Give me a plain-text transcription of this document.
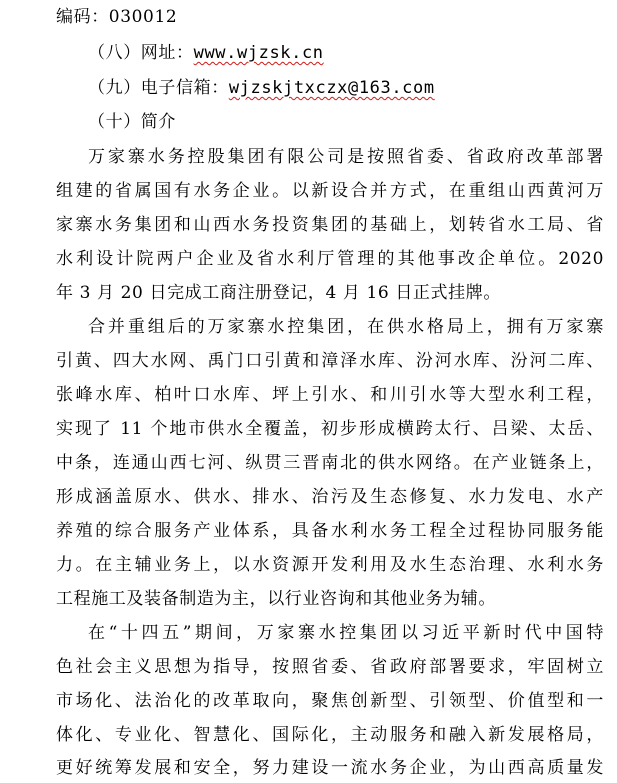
编码：030012
（八）网址：www.wjzsk.cn
（九）电子信箱：wjzskjtxczx@163.com
（十）简介
万家寨水务控股集团有限公司是按照省委、省政府改革部署
组建的省属国有水务企业。以新设合并方式，在重组山西黄河万
家寨水务集团和山西水务投资集团的基础上，划转省水工局、省
水利设计院两户企业及省水利厅管理的其他事改企单位。2020
年 3 月 20 日完成工商注册登记，4 月 16 日正式挂牌。
合并重组后的万家寨水控集团，在供水格局上，拥有万家寨
引黄、四大水网、禹门口引黄和漳泽水库、汾河水库、汾河二库、
张峰水库、柏叶口水库、坪上引水、和川引水等大型水利工程，
实现了 11 个地市供水全覆盖，初步形成横跨太行、吕梁、太岳、
中条，连通山西七河、纵贯三晋南北的供水网络。在产业链条上，
形成涵盖原水、供水、排水、治污及生态修复、水力发电、水产
养殖的综合服务产业体系，具备水利水务工程全过程协同服务能
力。在主辅业务上，以水资源开发利用及水生态治理、水利水务
工程施工及装备制造为主，以行业咨询和其他业务为辅。
在“十四五”期间，万家寨水控集团以习近平新时代中国特
色社会主义思想为指导，按照省委、省政府部署要求，牢固树立
市场化、法治化的改革取向，聚焦创新型、引领型、价值型和一
体化、专业化、智慧化、国际化，主动服务和融入新发展格局，
更好统筹发展和安全，努力建设一流水务企业，为山西高质量发
